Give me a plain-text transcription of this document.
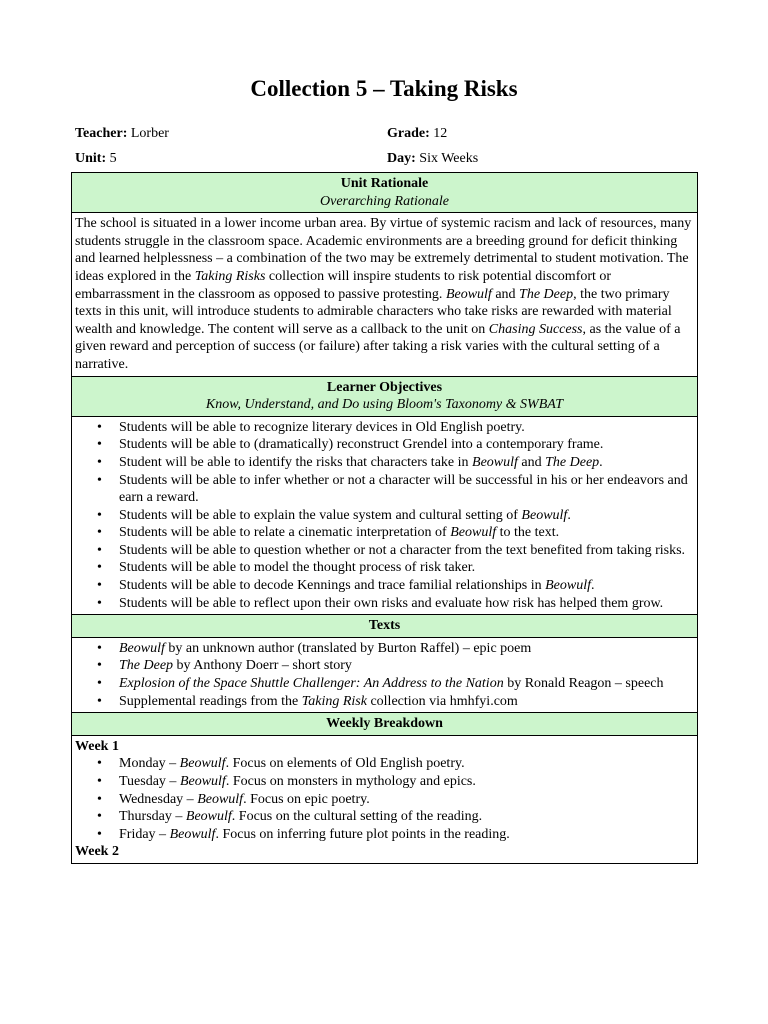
Collection 5 – Taking Risks
Teacher: Lorber	Grade: 12
Unit: 5	Day: Six Weeks
Unit Rationale
Overarching Rationale

The school is situated in a lower income urban area. By virtue of systemic racism and lack of resources, many students struggle in the classroom space. Academic environments are a breeding ground for deficit thinking and learned helplessness – a combination of the two may be extremely detrimental to student motivation. The ideas explored in the Taking Risks collection will inspire students to risk potential discomfort or embarrassment in the classroom as opposed to passive protesting. Beowulf and The Deep, the two primary texts in this unit, will introduce students to admirable characters who take risks are rewarded with material wealth and knowledge. The content will serve as a callback to the unit on Chasing Success, as the value of a given reward and perception of success (or failure) after taking a risk varies with the cultural setting of a narrative.

Learner Objectives
Know, Understand, and Do using Bloom's Taxonomy & SWBAT

• Students will be able to recognize literary devices in Old English poetry.
• Students will be able to (dramatically) reconstruct Grendel into a contemporary frame.
• Student will be able to identify the risks that characters take in Beowulf and The Deep.
• Students will be able to infer whether or not a character will be successful in his or her endeavors and earn a reward.
• Students will be able to explain the value system and cultural setting of Beowulf.
• Students will be able to relate a cinematic interpretation of Beowulf to the text.
• Students will be able to question whether or not a character from the text benefited from taking risks.
• Students will be able to model the thought process of risk taker.
• Students will be able to decode Kennings and trace familial relationships in Beowulf.
• Students will be able to reflect upon their own risks and evaluate how risk has helped them grow.

Texts

• Beowulf by an unknown author (translated by Burton Raffel) – epic poem
• The Deep by Anthony Doerr – short story
• Explosion of the Space Shuttle Challenger: An Address to the Nation by Ronald Reagon – speech
• Supplemental readings from the Taking Risk collection via hmhfyi.com

Weekly Breakdown

Week 1
• Monday – Beowulf. Focus on elements of Old English poetry.
• Tuesday – Beowulf. Focus on monsters in mythology and epics.
• Wednesday – Beowulf. Focus on epic poetry.
• Thursday – Beowulf. Focus on the cultural setting of the reading.
• Friday – Beowulf. Focus on inferring future plot points in the reading.
Week 2
